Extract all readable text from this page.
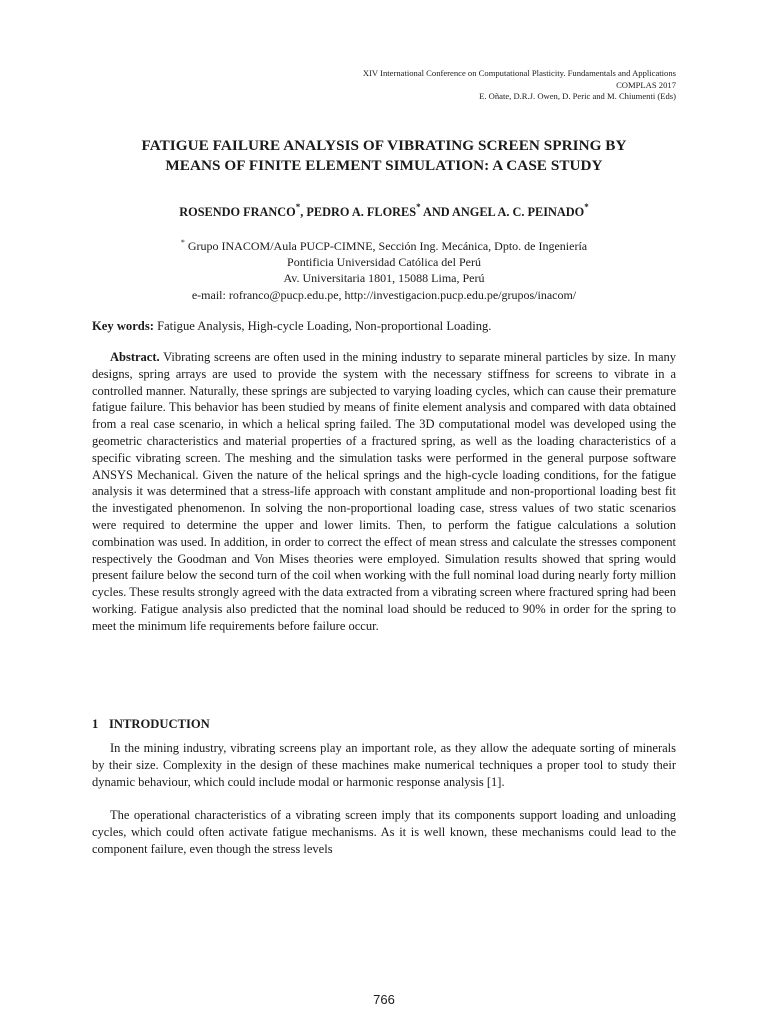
XIV International Conference on Computational Plasticity. Fundamentals and Applications
COMPLAS 2017
E. Oñate, D.R.J. Owen, D. Peric and M. Chiumenti (Eds)
FATIGUE FAILURE ANALYSIS OF VIBRATING SCREEN SPRING BY
MEANS OF FINITE ELEMENT SIMULATION: A CASE STUDY
ROSENDO FRANCO*, PEDRO A. FLORES* AND ANGEL A. C. PEINADO*
* Grupo INACOM/Aula PUCP-CIMNE, Sección Ing. Mecánica, Dpto. de Ingeniería
Pontificia Universidad Católica del Perú
Av. Universitaria 1801, 15088 Lima, Perú
e-mail: rofranco@pucp.edu.pe, http://investigacion.pucp.edu.pe/grupos/inacom/
Key words: Fatigue Analysis, High-cycle Loading, Non-proportional Loading.

Abstract. Vibrating screens are often used in the mining industry to separate mineral particles by size. In many designs, spring arrays are used to provide the system with the necessary stiffness for screens to vibrate in a controlled manner. Naturally, these springs are subjected to varying loading cycles, which can cause their premature fatigue failure. This behavior has been studied by means of finite element analysis and compared with data obtained from a real case scenario, in which a helical spring failed. The 3D computational model was developed using the geometric characteristics and material properties of a fractured spring, as well as the loading characteristics of a specific vibrating screen. The meshing and the simulation tasks were performed in the general purpose software ANSYS Mechanical. Given the nature of the helical springs and the high-cycle loading conditions, for the fatigue analysis it was determined that a stress-life approach with constant amplitude and non-proportional loading best fit the investigated phenomenon. In solving the non-proportional loading case, stress values of two static scenarios were required to determine the upper and lower limits. Then, to perform the fatigue calculations a solution combination was used. In addition, in order to correct the effect of mean stress and calculate the stresses component respectively the Goodman and Von Mises theories were employed. Simulation results showed that spring would present failure below the second turn of the coil when working with the full nominal load during nearly forty million cycles. These results strongly agreed with the data extracted from a vibrating screen where fractured spring had been working. Fatigue analysis also predicted that the nominal load should be reduced to 90% in order for the spring to meet the minimum life requirements before failure occur.

1 INTRODUCTION

In the mining industry, vibrating screens play an important role, as they allow the adequate sorting of minerals by their size. Complexity in the design of these machines make numerical techniques a proper tool to study their dynamic behaviour, which could include modal or harmonic response analysis [1].

The operational characteristics of a vibrating screen imply that its components support loading and unloading cycles, which could often activate fatigue mechanisms. As it is well known, these mechanisms could lead to the component failure, even though the stress levels

766
